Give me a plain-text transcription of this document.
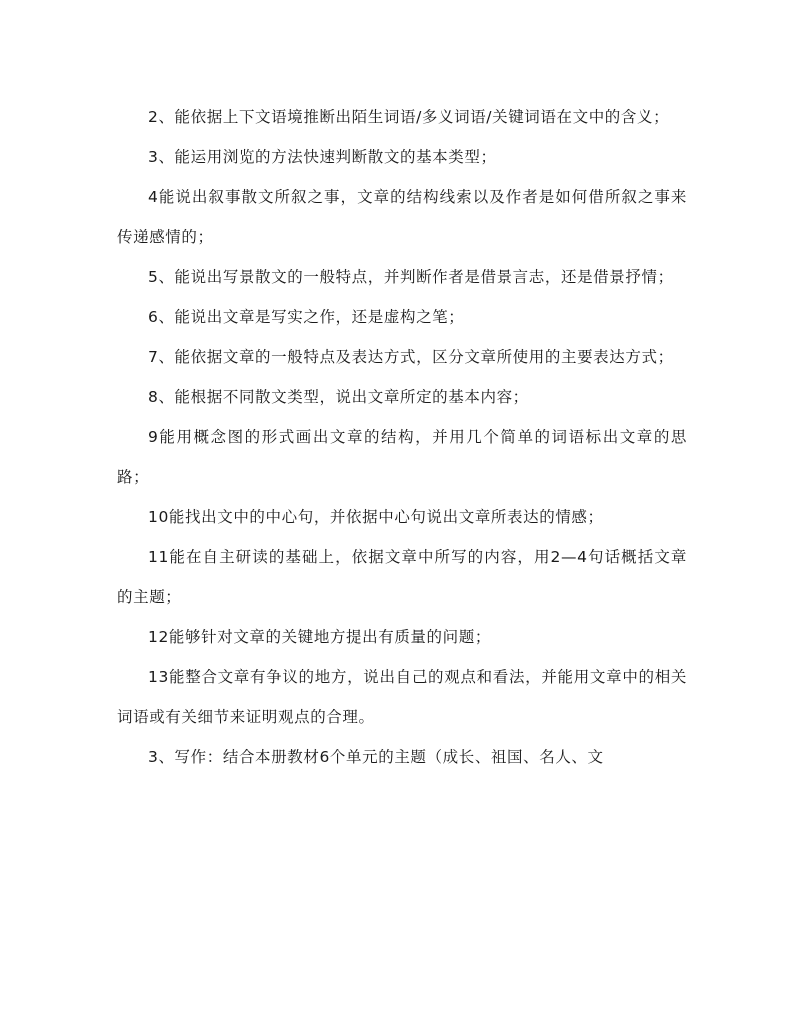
2、能依据上下文语境推断出陌生词语/多义词语/关键词语在文中的含义；

3、能运用浏览的方法快速判断散文的基本类型；

4能说出叙事散文所叙之事，文章的结构线索以及作者是如何借所叙之事来传递感情的；

5、能说出写景散文的一般特点，并判断作者是借景言志，还是借景抒情；

6、能说出文章是写实之作，还是虚构之笔；

7、能依据文章的一般特点及表达方式，区分文章所使用的主要表达方式；

8、能根据不同散文类型，说出文章所定的基本内容；

9能用概念图的形式画出文章的结构，并用几个简单的词语标出文章的思路；

10能找出文中的中心句，并依据中心句说出文章所表达的情感；

11能在自主研读的基础上，依据文章中所写的内容，用2—4句话概括文章的主题；

12能够针对文章的关键地方提出有质量的问题；

13能整合文章有争议的地方，说出自己的观点和看法，并能用文章中的相关词语或有关细节来证明观点的合理。

3、写作：结合本册教材6个单元的主题（成长、祖国、名人、文
